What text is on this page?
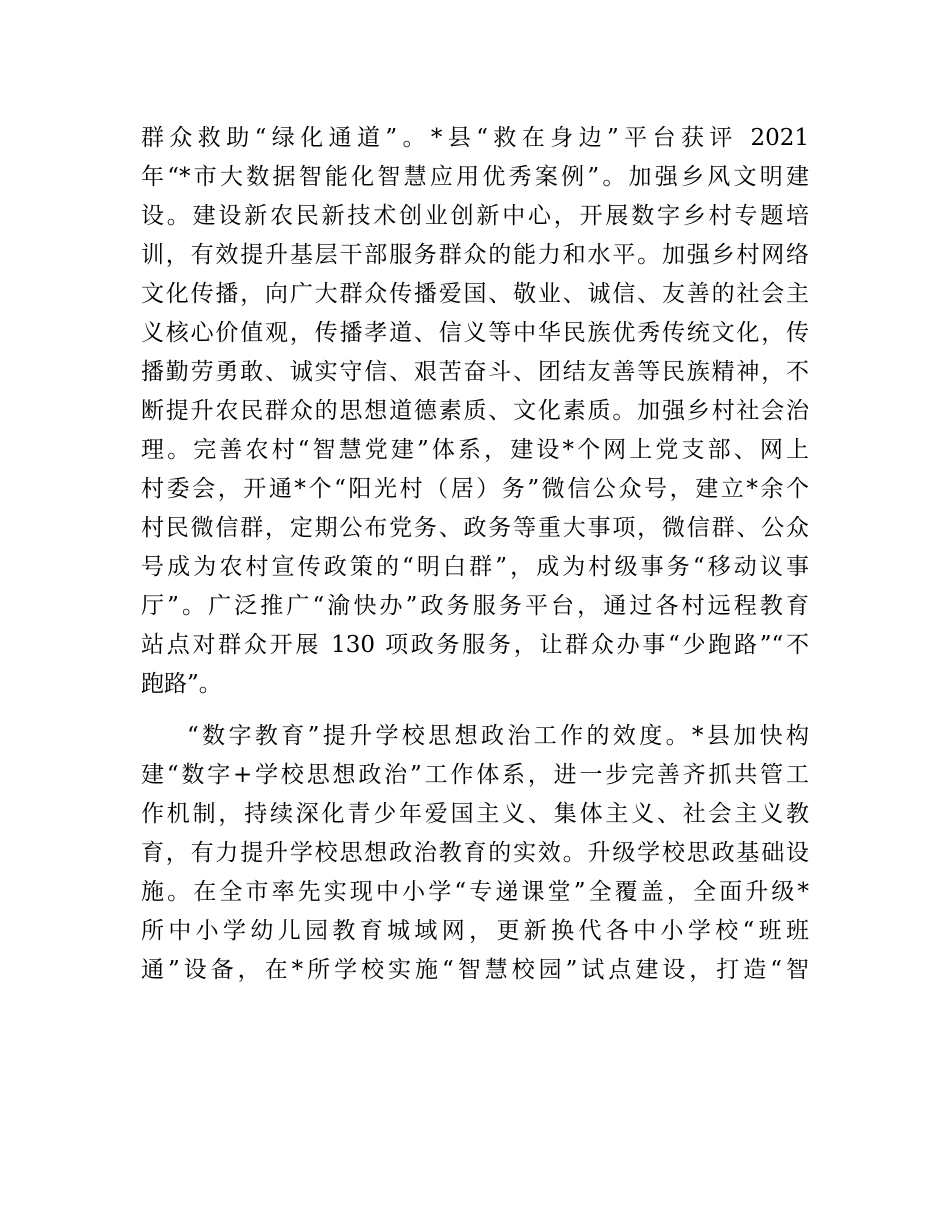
群众救助“绿化通道”。*县“救在身边”平台获评 2021
年“*市大数据智能化智慧应用优秀案例”。加强乡风文明建
设。建设新农民新技术创业创新中心，开展数字乡村专题培
训，有效提升基层干部服务群众的能力和水平。加强乡村网络
文化传播，向广大群众传播爱国、敬业、诚信、友善的社会主
义核心价值观，传播孝道、信义等中华民族优秀传统文化，传
播勤劳勇敢、诚实守信、艰苦奋斗、团结友善等民族精神，不
断提升农民群众的思想道德素质、文化素质。加强乡村社会治
理。完善农村“智慧党建”体系，建设*个网上党支部、网上
村委会，开通*个“阳光村（居）务”微信公众号，建立*余个
村民微信群，定期公布党务、政务等重大事项，微信群、公众
号成为农村宣传政策的“明白群”，成为村级事务“移动议事
厅”。广泛推广“渝快办”政务服务平台，通过各村远程教育
站点对群众开展 130 项政务服务，让群众办事“少跑路”“不
跑路”。
“数字教育”提升学校思想政治工作的效度。*县加快构
建“数字+学校思想政治”工作体系，进一步完善齐抓共管工
作机制，持续深化青少年爱国主义、集体主义、社会主义教
育，有力提升学校思想政治教育的实效。升级学校思政基础设
施。在全市率先实现中小学“专递课堂”全覆盖，全面升级*
所中小学幼儿园教育城域网，更新换代各中小学校“班班
通”设备，在*所学校实施“智慧校园”试点建设，打造“智
